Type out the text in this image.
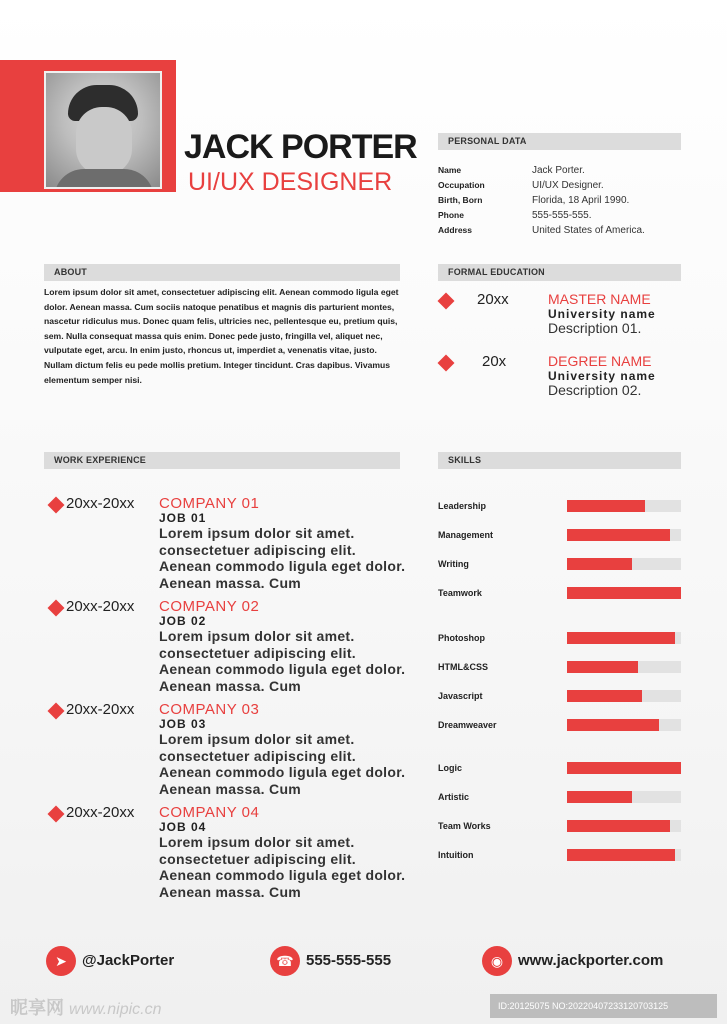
JACK PORTER
UI/UX DESIGNER
PERSONAL DATA
Name	Jack Porter.
Occupation	UI/UX Designer.
Birth, Born	Florida, 18 April 1990.
Phone	555-555-555.
Address	United States of America.
ABOUT
Lorem ipsum dolor sit amet, consectetuer adipiscing elit. Aenean commodo ligula eget dolor. Aenean massa. Cum sociis natoque penatibus et magnis dis parturient montes, nascetur ridiculus mus. Donec quam felis, ultricies nec, pellentesque eu, pretium quis, sem. Nulla consequat massa quis enim. Donec pede justo, fringilla vel, aliquet nec, vulputate eget, arcu. In enim justo, rhoncus ut, imperdiet a, venenatis vitae, justo. Nullam dictum felis eu pede mollis pretium. Integer tincidunt. Cras dapibus. Vivamus elementum semper nisi.
FORMAL EDUCATION
20xx	MASTER NAME
University name
Description 01.
20x	DEGREE NAME
University name
Description 02.
WORK EXPERIENCE
20xx-20xx COMPANY 01
JOB 01
Lorem ipsum dolor sit amet. consectetuer adipiscing elit. Aenean commodo ligula eget dolor. Aenean massa. Cum
20xx-20xx COMPANY 02
JOB 02
Lorem ipsum dolor sit amet. consectetuer adipiscing elit. Aenean commodo ligula eget dolor. Aenean massa. Cum
20xx-20xx COMPANY 03
JOB 03
Lorem ipsum dolor sit amet. consectetuer adipiscing elit. Aenean commodo ligula eget dolor. Aenean massa. Cum
20xx-20xx COMPANY 04
JOB 04
Lorem ipsum dolor sit amet. consectetuer adipiscing elit. Aenean commodo ligula eget dolor. Aenean massa. Cum
SKILLS
Leadership
Management
Writing
Teamwork
Photoshop
HTML&CSS
Javascript
Dreamweaver
Logic
Artistic
Team Works
Intuition
➤	@JackPorter	☎ 555-555-555	◉ www.jackporter.com
昵享网 www.nipic.cn	ID:20125075 NO:20220407233120703125
